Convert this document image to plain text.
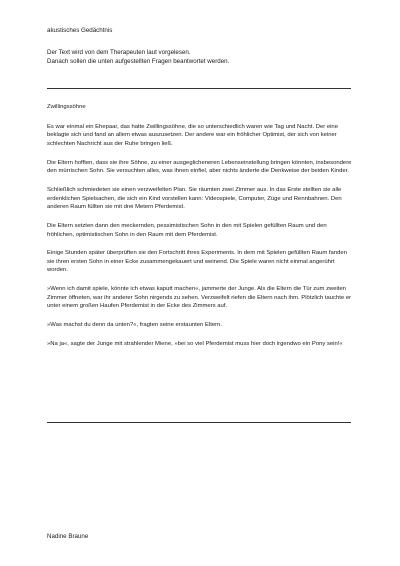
akustisches Gedächtnis
Der Text wird von dem Therapeuten laut vorgelesen.
Danach sollen die unten aufgestellten Fragen beantwortet werden.
Zwillingssöhne

Es war einmal ein Ehepaar, das hatte Zwillingssöhne, die so unterschiedlich waren wie Tag und Nacht. Der eine beklagte sich und fand an allem etwas auszusetzen. Der andere war ein fröhlicher Optimist, der sich von keiner schlechten Nachricht aus der Ruhe bringen ließ.

Die Eltern hofften, dass sie ihre Söhne, zu einer ausgeglicheneren Lebenseinstellung bringen könnten, insbesondere den mürrischen Sohn. Sie versuchten alles, was ihnen einfiel, aber nichts änderte die Denkweise der beiden Kinder.

Schließlich schmiedeten sie einen verzweifelten Plan. Sie räumten zwei Zimmer aus. In das Erste stellten sie alle erdenklichen Spielsachen, die sich ein Kind vorstellen kann: Videospiele, Computer, Züge und Rennbahnen. Den anderen Raum füllten sie mit drei Metern Pferdemist.

Die Eltern setzten dann den meckernden, pessimistischen Sohn in den mit Spielen gefüllten Raum und den fröhlichen, optimistischen Sohn in den Raum mit dem Pferdemist.

Einige Stunden später überprüften sie den Fortschritt ihres Experiments. In dem mit Spielen gefüllten Raum fanden sie ihren ersten Sohn in einer Ecke zusammengekauert und weinend. Die Spiele waren nicht einmal angerührt worden.

»Wenn ich damit spiele, könnte ich etwas kaputt machen«, jammerte der Junge. Als die Eltern die Tür zum zweiten Zimmer öffneten, war ihr anderer Sohn nirgends zu sehen. Verzweifelt riefen die Eltern nach ihm. Plötzlich tauchte er unter einem großen Haufen Pferdemist in der Ecke des Zimmers auf.

»Was machst du denn da unten?«, fragten seine erstaunten Eltern.

»Na ja«, sagte der Junge mit strahlender Miene, »bei so viel Pferdemist muss hier doch irgendwo ein Pony sein!«

Nadine Braune
